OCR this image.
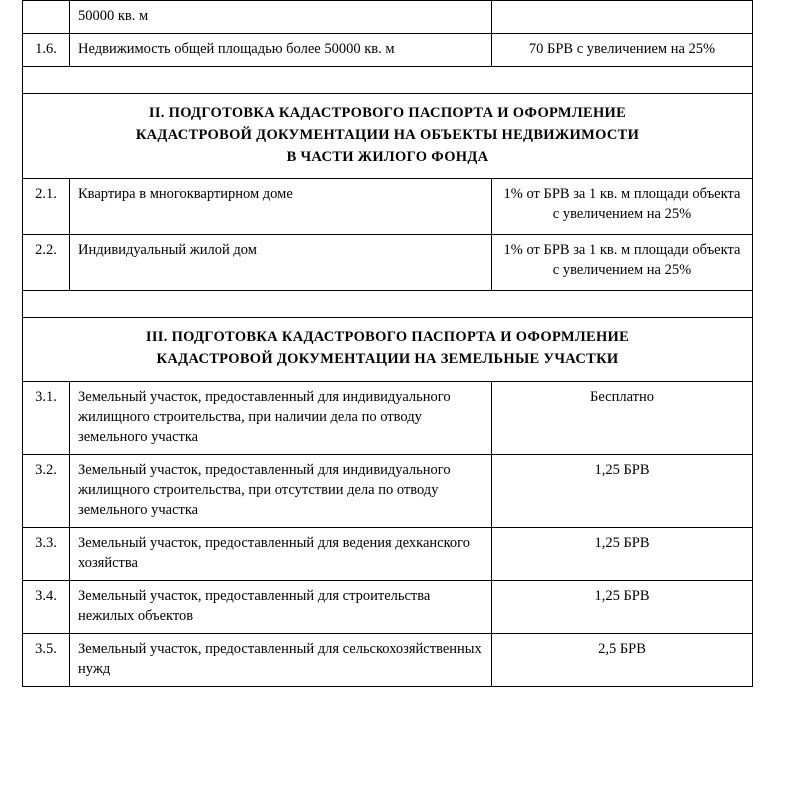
	50000 кв. м	
1.6.	Недвижимость общей площадью более 50000 кв. м	70 БРВ с увеличением на 25%

II. ПОДГОТОВКА КАДАСТРОВОГО ПАСПОРТА И ОФОРМЛЕНИЕ
КАДАСТРОВОЙ ДОКУМЕНТАЦИИ НА ОБЪЕКТЫ НЕДВИЖИМОСТИ
В ЧАСТИ ЖИЛОГО ФОНДА		

2.1.	Квартира в многоквартирном доме	1% от БРВ за 1 кв. м площади объекта с увеличением на 25%
2.2.	Индивидуальный жилой дом	1% от БРВ за 1 кв. м площади объекта с увеличением на 25%

III. ПОДГОТОВКА КАДАСТРОВОГО ПАСПОРТА И ОФОРМЛЕНИЕ
КАДАСТРОВОЙ ДОКУМЕНТАЦИИ НА ЗЕМЕЛЬНЫЕ УЧАСТКИ		

3.1.	Земельный участок, предоставленный для индивидуального жилищного строительства, при наличии дела по отводу земельного участка	Бесплатно
3.2.	Земельный участок, предоставленный для индивидуального жилищного строительства, при отсутствии дела по отводу земельного участка	1,25 БРВ
3.3.	Земельный участок, предоставленный для ведения дехканского хозяйства	1,25 БРВ
3.4.	Земельный участок, предоставленный для строительства нежилых объектов	1,25 БРВ
3.5.	Земельный участок, предоставленный для сельскохозяйственных нужд	2,5 БРВ
